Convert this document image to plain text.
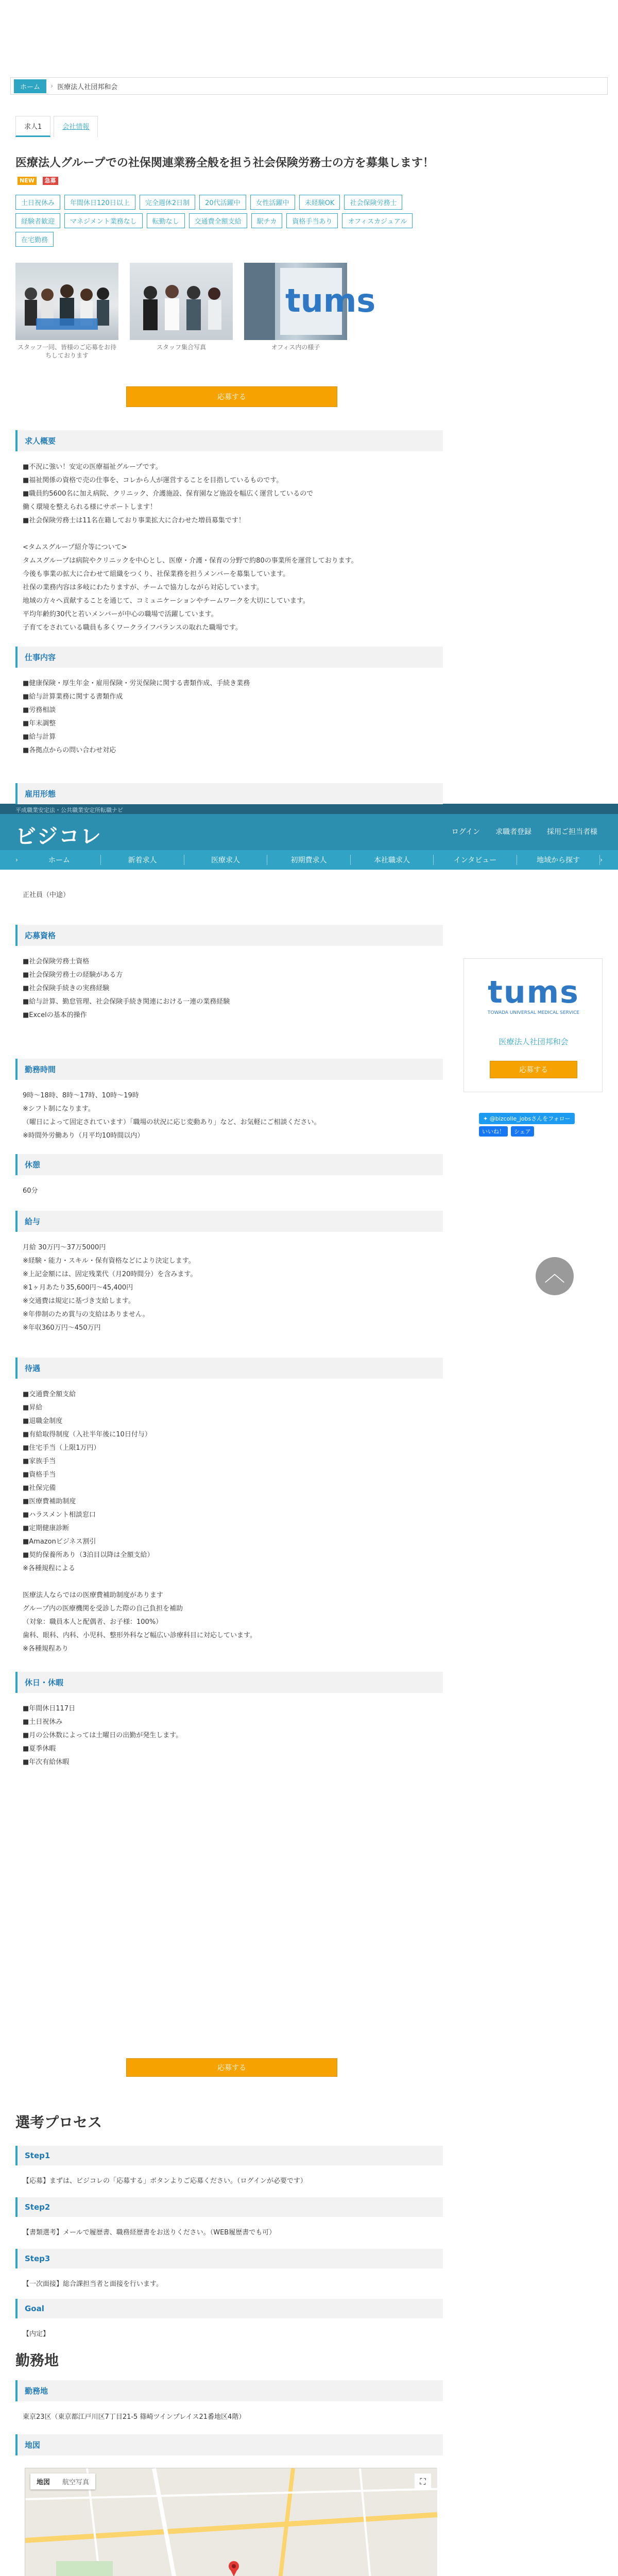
ホーム	› 医療法人社団邦和会
求人1	会社情報
医療法人グループでの社保関連業務全般を担う社会保険労務士の方を募集します！ NEW 急募
土日祝休み	年間休日120日以上	完全週休2日制	20代活躍中	女性活躍中	未経験OK	社会保険労務士
経験者歓迎	マネジメント業務なし	転勤なし	交通費全額支給	駅チカ	資格手当あり	オフィスカジュアル
在宅勤務
スタッフ一同、皆様のご応募をお待ちしております
スタッフ集合写真
tums
オフィス内の様子
応募する
求人概要
■不況に強い！安定の医療福祉グループです。
■福祉関係の資格で売の仕事を、コレから人が運営することを目指しているものです。
■職員約5600名に加え病院、クリニック、介護施設、保育園など施設を幅広く運営しているので
働く環境を整えられる様にサポートします！
■社会保険労務士は11名在籍しており事業拡大に合わせた増員募集です！

<タムスグループ紹介等について>
タムスグループは病院やクリニックを中心とし、医療・介護・保育の分野で約80の事業所を運営しております。
今後も事業の拡大に合わせて組織をつくり、社保業務を担うメンバーを募集しています。
社保の業務内容は多岐にわたりますが、チームで協力しながら対応しています。
地域の方々へ貢献することを通じて、コミュニケーションやチームワークを大切にしています。
平均年齢約30代と若いメンバーが中心の職場で活躍しています。
子育てをされている職員も多くワークライフバランスの取れた職場です。
仕事内容
■健康保険・厚生年金・雇用保険・労災保険に関する書類作成、手続き業務
■給与計算業務に関する書類作成
■労務相談
■年末調整
■給与計算
■各拠点からの問い合わせ対応
平成職業安定法・公共職業安定所転職ナビ
ビジコレ	ログイン 求職者登録 採用ご担当者様
›	ホーム	新着求人	医療求人	初期費求人	本社職求人	インタビュー	地域から探す	›
正社員（中途）
応募資格
■社会保険労務士資格
■社会保険労務士の経験がある方
■社会保険手続きの実務経験
■給与計算、勤怠管理、社会保険手続き関連における一連の業務経験
■Excelの基本的操作
勤務時間
9時〜18時、8時〜17時、10時〜19時
※シフト制になります。
（曜日によって固定されています）「職場の状況に応じ変動あり」など、お気軽にご相談ください。
※時間外労働あり（月平均10時間以内）
休憩
60分
給与
月給 30万円〜37万5000円
※経験・能力・スキル・保有資格などにより決定します。
※上記金額には、固定残業代（月20時間分）を含みます。
※1ヶ月あたり35,600円〜45,400円
※交通費は規定に基づき支給します。
※年俸制のため賞与の支給はありません。
※年収360万円〜450万円
待遇
■交通費全額支給
■昇給
■退職金制度
■有給取得制度（入社半年後に10日付与）
■住宅手当（上限1万円）
■家族手当
■資格手当
■社保完備
■医療費補助制度
■ハラスメント相談窓口
■定期健康診断
■Amazonビジネス割引
■契約保養所あり（3泊目以降は全額支給）
※各種規程による

医療法人ならではの医療費補助制度があります
グループ内の医療機関を受診した際の自己負担を補助
（対象：職員本人と配偶者、お子様：100%）
歯科、眼科、内科、小児科、整形外科など幅広い診療科目に対応しています。
※各種規程あり
休日・休暇
■年間休日117日
■土日祝休み
■月の公休数によっては土曜日の出勤が発生します。
■夏季休暇
■年次有給休暇
応募する
tums
TOWADA UNIVERSAL MEDICAL SERVICE
医療法人社団邦和会
応募する
✦ @bizcolle_jobsさんをフォロー
いいね！	シェア
︿
選考プロセス
Step1
【応募】まずは、ビジコレの「応募する」ボタンよりご応募ください。（ログインが必要です）
Step2
【書類選考】メールで履歴書、職務経歴書をお送りください。（WEB履歴書でも可）
Step3
【一次面接】総合課担当者と面接を行います。
Goal
【内定】
勤務地
勤務地
東京23区（東京都江戸川区7丁目21-5 篠崎ツインプレイス21番地区4階）
地図
地図	航空写真	⛶
雇用形態
